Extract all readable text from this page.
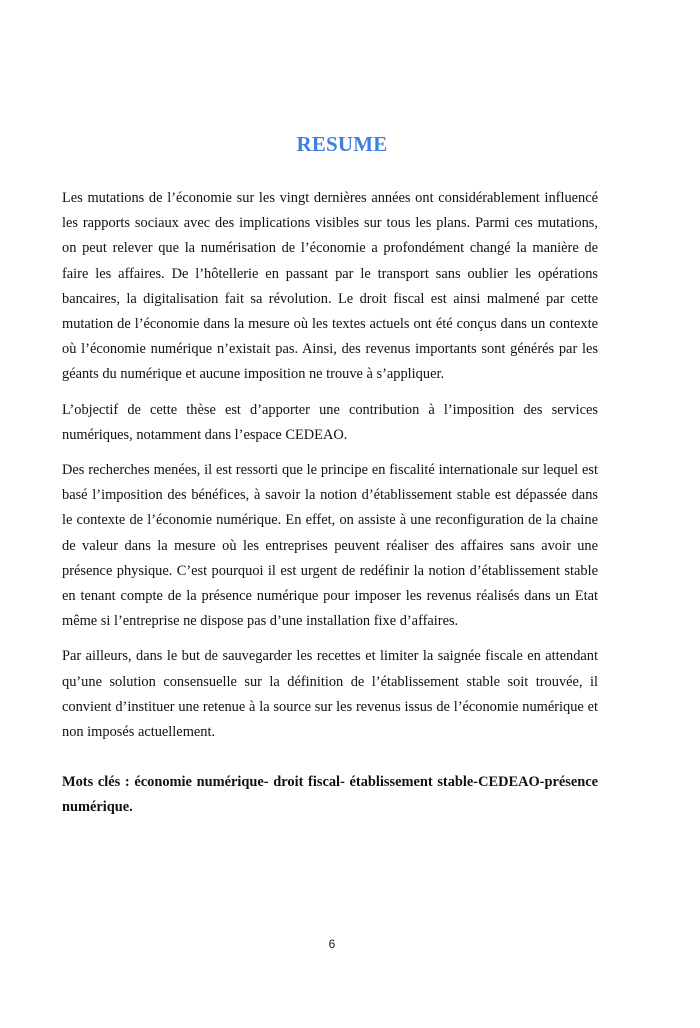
RESUME

Les mutations de l’économie sur les vingt dernières années ont considérablement influencé les rapports sociaux avec des implications visibles sur tous les plans. Parmi ces mutations, on peut relever que la numérisation de l’économie a profondément changé la manière de faire les affaires. De l’hôtellerie en passant par le transport sans oublier les opérations bancaires, la digitalisation fait sa révolution. Le droit fiscal est ainsi malmené par cette mutation de l’économie dans la mesure où les textes actuels ont été conçus dans un contexte où l’économie numérique n’existait pas. Ainsi, des revenus importants sont générés par les géants du numérique et aucune imposition ne trouve à s’appliquer.

L’objectif de cette thèse est d’apporter une contribution à l’imposition des services numériques, notamment dans l’espace CEDEAO.

Des recherches menées, il est ressorti que le principe en fiscalité internationale sur lequel est basé l’imposition des bénéfices, à savoir la notion d’établissement stable est dépassée dans le contexte de l’économie numérique. En effet, on assiste à une reconfiguration de la chaine de valeur dans la mesure où les entreprises peuvent réaliser des affaires sans avoir une présence physique. C’est pourquoi il est urgent de redéfinir la notion d’établissement stable en tenant compte de la présence numérique pour imposer les revenus réalisés dans un Etat même si l’entreprise ne dispose pas d’une installation fixe d’affaires.

Par ailleurs, dans le but de sauvegarder les recettes et limiter la saignée fiscale en attendant qu’une solution consensuelle sur la définition de l’établissement stable soit trouvée, il convient d’instituer une retenue à la source sur les revenus issus de l’économie numérique et non imposés actuellement.

Mots clés : économie numérique- droit fiscal- établissement stable-CEDEAO-présence numérique.
6
